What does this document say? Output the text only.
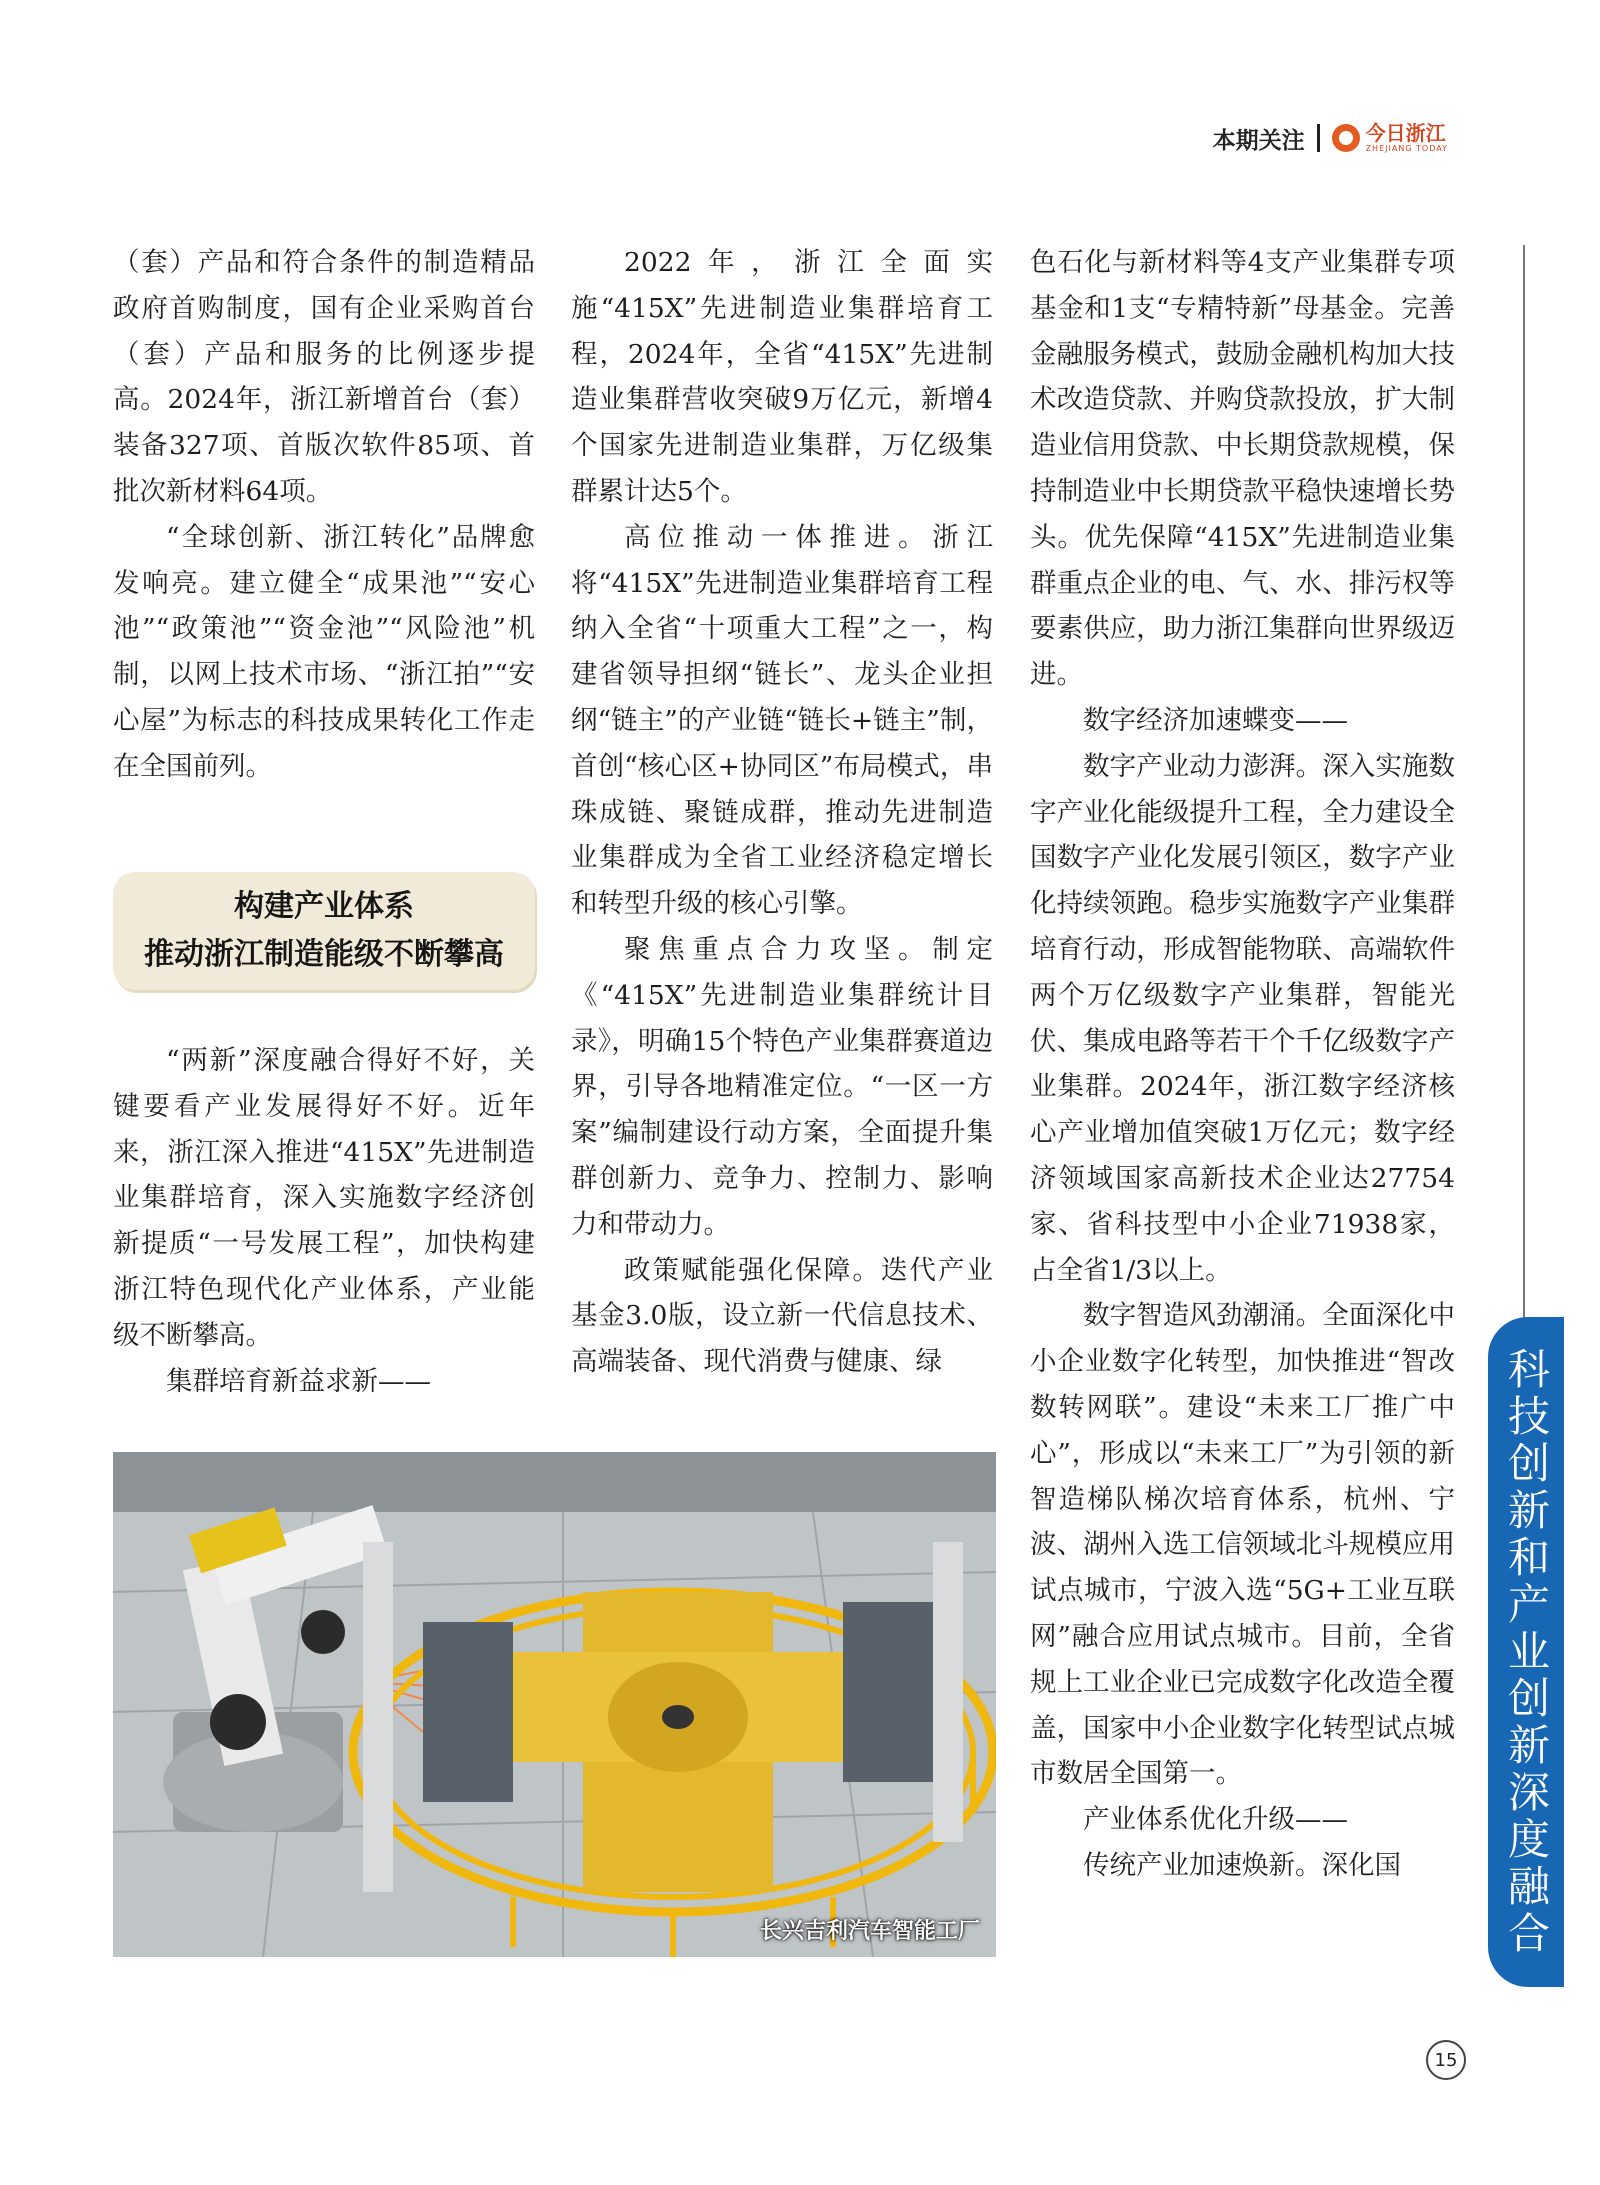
本期关注	今日浙江
ZHEJIANG TODAY

（套）产品和符合条件的制造精品政府首购制度，国有企业采购首台（套）产品和服务的比例逐步提高。2024年，浙江新增首台（套）装备327项、首版次软件85项、首批次新材料64项。

“全球创新、浙江转化”品牌愈发响亮。建立健全“成果池”“安心池”“政策池”“资金池”“风险池”机制，以网上技术市场、“浙江拍”“安心屋”为标志的科技成果转化工作走在全国前列。

构建产业体系
推动浙江制造能级不断攀高

“两新”深度融合得好不好，关键要看产业发展得好不好。近年来，浙江深入推进“415X”先进制造业集群培育，深入实施数字经济创新提质“一号发展工程”，加快构建浙江特色现代化产业体系，产业能级不断攀高。

集群培育新益求新——

2022年，浙江全面实施“415X”先进制造业集群培育工程，2024年，全省“415X”先进制造业集群营收突破9万亿元，新增4个国家先进制造业集群，万亿级集群累计达5个。

高位推动一体推进。浙江将“415X”先进制造业集群培育工程纳入全省“十项重大工程”之一，构建省领导担纲“链长”、龙头企业担纲“链主”的产业链“链长+链主”制，首创“核心区+协同区”布局模式，串珠成链、聚链成群，推动先进制造业集群成为全省工业经济稳定增长和转型升级的核心引擎。

聚焦重点合力攻坚。制定《“415X”先进制造业集群统计目录》，明确15个特色产业集群赛道边界，引导各地精准定位。“一区一方案”编制建设行动方案，全面提升集群创新力、竞争力、控制力、影响力和带动力。

政策赋能强化保障。迭代产业基金3.0版，设立新一代信息技术、高端装备、现代消费与健康、绿

色石化与新材料等4支产业集群专项基金和1支“专精特新”母基金。完善金融服务模式，鼓励金融机构加大技术改造贷款、并购贷款投放，扩大制造业信用贷款、中长期贷款规模，保持制造业中长期贷款平稳快速增长势头。优先保障“415X”先进制造业集群重点企业的电、气、水、排污权等要素供应，助力浙江集群向世界级迈进。

数字经济加速蝶变——

数字产业动力澎湃。深入实施数字产业化能级提升工程，全力建设全国数字产业化发展引领区，数字产业化持续领跑。稳步实施数字产业集群培育行动，形成智能物联、高端软件两个万亿级数字产业集群，智能光伏、集成电路等若干个千亿级数字产业集群。2024年，浙江数字经济核心产业增加值突破1万亿元；数字经济领域国家高新技术企业达27754家、省科技型中小企业71938家，占全省1/3以上。

数字智造风劲潮涌。全面深化中小企业数字化转型，加快推进“智改数转网联”。建设“未来工厂推广中心”，形成以“未来工厂”为引领的新智造梯队梯次培育体系，杭州、宁波、湖州入选工信领域北斗规模应用试点城市，宁波入选“5G+工业互联网”融合应用试点城市。目前，全省规上工业企业已完成数字化改造全覆盖，国家中小企业数字化转型试点城市数居全国第一。

产业体系优化升级——

传统产业加速焕新。深化国

长兴吉利汽车智能工厂	科技创新和产业创新深度融合
15
